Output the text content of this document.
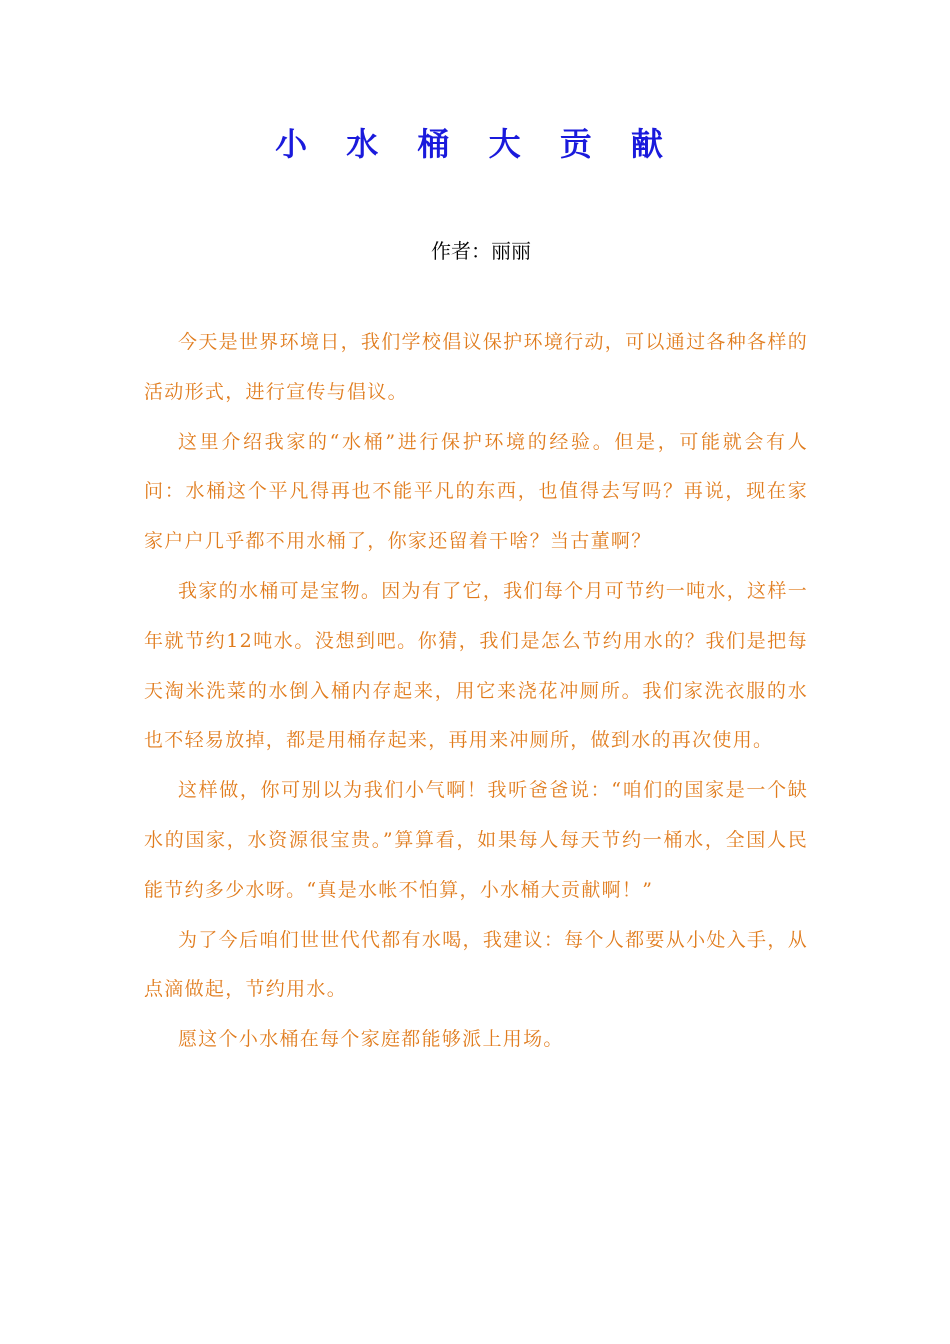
小 水 桶 大 贡 献
作者：丽丽

今天是世界环境日，我们学校倡议保护环境行动，可以通过各种各样的活动形式，进行宣传与倡议。

这里介绍我家的“水桶”进行保护环境的经验。但是，可能就会有人问：水桶这个平凡得再也不能平凡的东西，也值得去写吗？再说，现在家家户户几乎都不用水桶了，你家还留着干啥？当古董啊？

我家的水桶可是宝物。因为有了它，我们每个月可节约一吨水，这样一年就节约12吨水。没想到吧。你猜，我们是怎么节约用水的？我们是把每天淘米洗菜的水倒入桶内存起来，用它来浇花冲厕所。我们家洗衣服的水也不轻易放掉，都是用桶存起来，再用来冲厕所，做到水的再次使用。

这样做，你可别以为我们小气啊！我听爸爸说：“咱们的国家是一个缺水的国家，水资源很宝贵。”算算看，如果每人每天节约一桶水，全国人民能节约多少水呀。“真是水帐不怕算，小水桶大贡献啊！”

为了今后咱们世世代代都有水喝，我建议：每个人都要从小处入手，从点滴做起，节约用水。

愿这个小水桶在每个家庭都能够派上用场。
